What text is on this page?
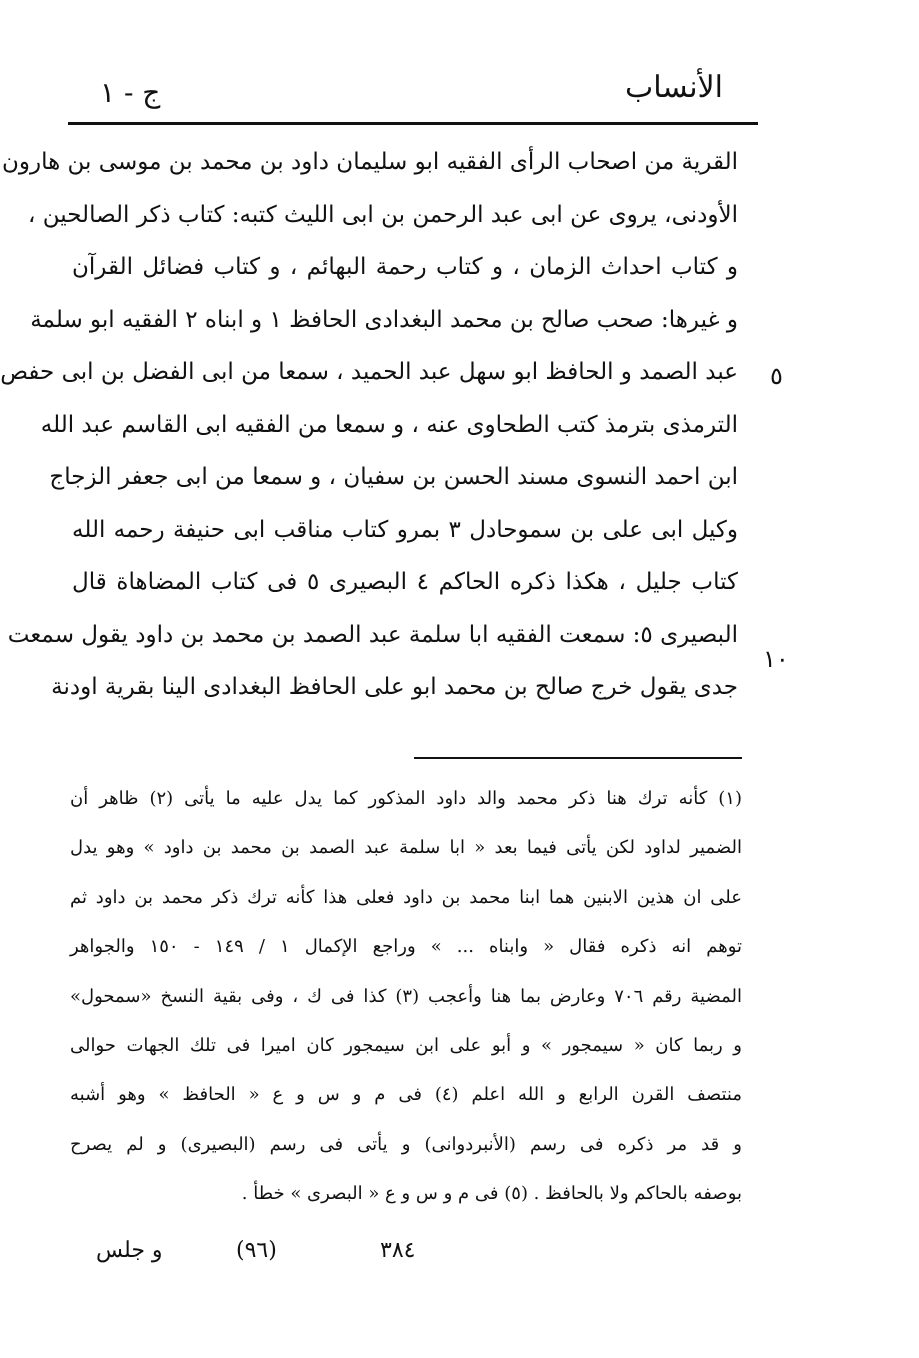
الأنساب
ج - ١
القرية من اصحاب الرأى الفقيه ابو سليمان داود بن محمد بن موسى بن هارون
الأودنى، يروى عن ابى عبد الرحمن بن ابى الليث كتبه: كتاب ذكر الصالحين ،
و كتاب احداث الزمان ، و كتاب رحمة البهائم ، و كتاب فضائل القرآن
و غيرها: صحب صالح بن محمد البغدادى الحافظ ١ و ابناه ٢ الفقيه ابو سلمة
عبد الصمد و الحافظ ابو سهل عبد الحميد ، سمعا من ابى الفضل بن ابى حفص
الترمذى بترمذ كتب الطحاوى عنه ، و سمعا من الفقيه ابى القاسم عبد الله
ابن احمد النسوى مسند الحسن بن سفيان ، و سمعا من ابى جعفر الزجاج
وكيل ابى على بن سموحادل ٣ بمرو كتاب مناقب ابى حنيفة رحمه الله
كتاب جليل ، هكذا ذكره الحاكم ٤ البصيرى ٥ فى كتاب المضاهاة قال
البصيرى ٥: سمعت الفقيه ابا سلمة عبد الصمد بن محمد بن داود يقول سمعت
جدى يقول خرج صالح بن محمد ابو على الحافظ البغدادى الينا بقرية اودنة
٥
١٠
(١) كأنه ترك هنا ذكر محمد والد داود المذكور كما يدل عليه ما يأتى (٢) ظاهر أن
الضمير لداود لكن يأتى فيما بعد « ابا سلمة عبد الصمد بن محمد بن داود » وهو يدل
على ان هذين الابنين هما ابنا محمد بن داود فعلى هذا كأنه ترك ذكر محمد بن داود ثم
توهم انه ذكره فقال « وابناه ... » وراجع الإكمال ١ / ١٤٩ - ١٥٠ والجواهر
المضية رقم ٧٠٦ وعارض بما هنا وأعجب (٣) كذا فى ك ، وفى بقية النسخ «سمحول»
و ربما كان « سيمجور » و أبو على ابن سيمجور كان اميرا فى تلك الجهات حوالى
منتصف القرن الرابع و الله اعلم (٤) فى م و س و ع « الحافظ » وهو أشبه
و قد مر ذكره فى رسم (الأنبردوانى) و يأتى فى رسم (البصيرى) و لم يصرح
بوصفه بالحاكم ولا بالحافظ . (٥) فى م و س و ع « البصرى » خطأ .
٣٨٤
(٩٦)
و جلس
